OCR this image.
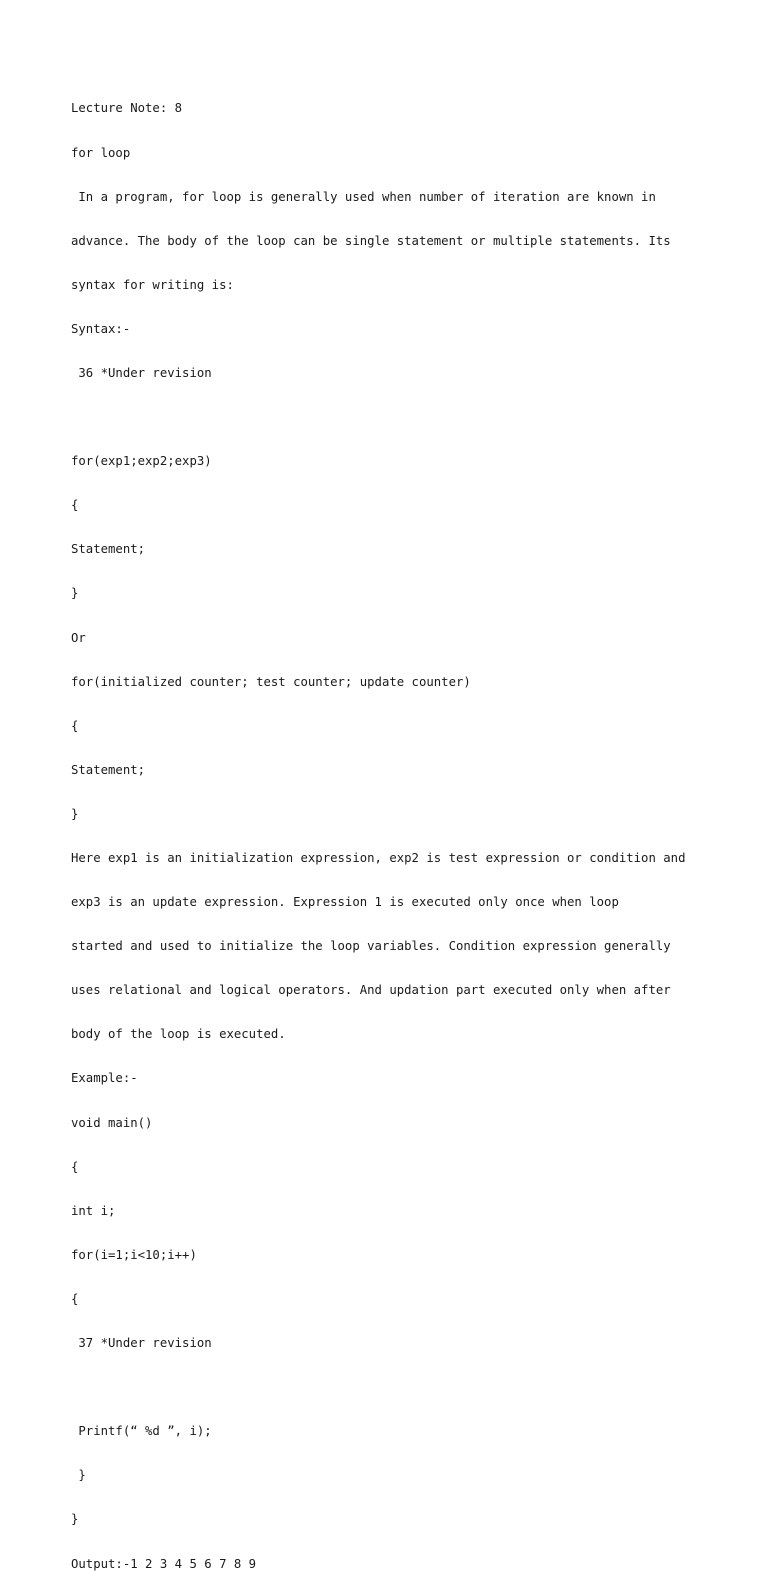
Lecture Note: 8

for loop

In a program, for loop is generally used when number of iteration are known in

advance. The body of the loop can be single statement or multiple statements. Its

syntax for writing is:

Syntax:-

36 *Under revision

for(exp1;exp2;exp3)

{

Statement;

}

Or

for(initialized counter; test counter; update counter)

{

Statement;

}

Here exp1 is an initialization expression, exp2 is test expression or condition and

exp3 is an update expression. Expression 1 is executed only once when loop

started and used to initialize the loop variables. Condition expression generally

uses relational and logical operators. And updation part executed only when after

body of the loop is executed.

Example:-

void main()

{

int i;

for(i=1;i<10;i++)

{

37 *Under revision

Printf(“ %d ”, i);

}

}

Output:-1 2 3 4 5 6 7 8 9
